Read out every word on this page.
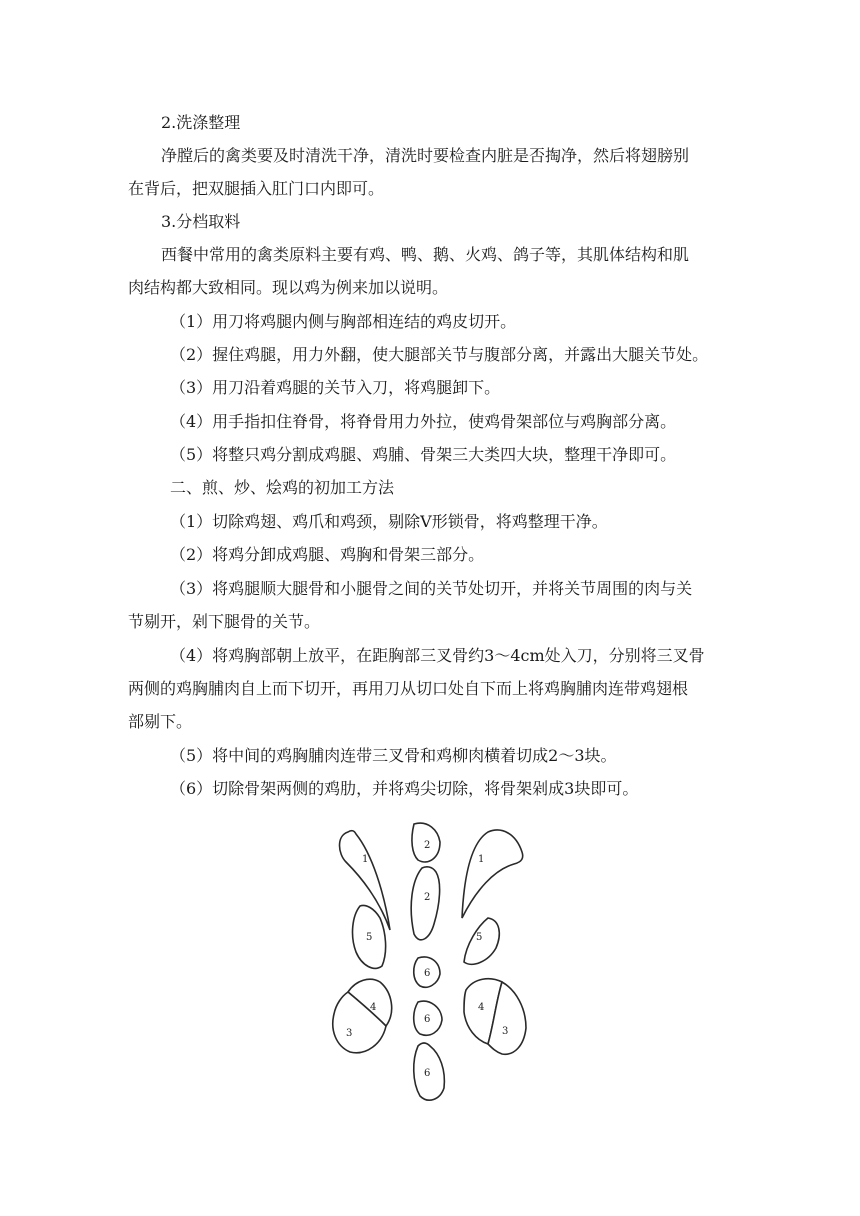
2.洗涤整理
净膛后的禽类要及时清洗干净，清洗时要检查内脏是否掏净，然后将翅膀别
在背后，把双腿插入肛门口内即可。
3.分档取料
西餐中常用的禽类原料主要有鸡、鸭、鹅、火鸡、鸽子等，其肌体结构和肌
肉结构都大致相同。现以鸡为例来加以说明。
（1）用刀将鸡腿内侧与胸部相连结的鸡皮切开。
（2）握住鸡腿，用力外翻，使大腿部关节与腹部分离，并露出大腿关节处。
（3）用刀沿着鸡腿的关节入刀，将鸡腿卸下。
（4）用手指扣住脊骨，将脊骨用力外拉，使鸡骨架部位与鸡胸部分离。
（5）将整只鸡分割成鸡腿、鸡脯、骨架三大类四大块，整理干净即可。
二、煎、炒、烩鸡的初加工方法
（1）切除鸡翅、鸡爪和鸡颈，剔除V形锁骨，将鸡整理干净。
（2）将鸡分卸成鸡腿、鸡胸和骨架三部分。
（3）将鸡腿顺大腿骨和小腿骨之间的关节处切开，并将关节周围的肉与关
节剔开，剁下腿骨的关节。
（4）将鸡胸部朝上放平，在距胸部三叉骨约3～4cm处入刀，分别将三叉骨
两侧的鸡胸脯肉自上而下切开，再用刀从切口处自下而上将鸡胸脯肉连带鸡翅根
部剔下。
（5）将中间的鸡胸脯肉连带三叉骨和鸡柳肉横着切成2～3块。
（6）切除骨架两侧的鸡肋，并将鸡尖切除，将骨架剁成3块即可。
1
2
1
2
5	5
6
4	4
3
6
3
6
